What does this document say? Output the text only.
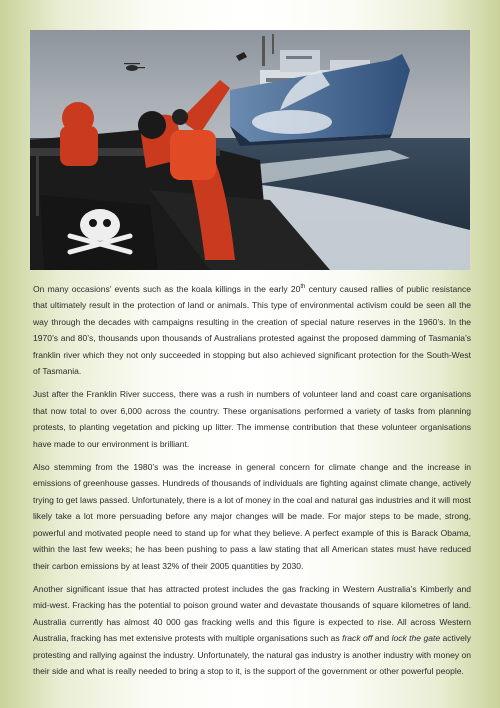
On many occasions’ events such as the koala killings in the early 20th century caused rallies of public resistance that ultimately result in the protection of land or animals. This type of environmental activism could be seen all the way through the decades with campaigns resulting in the creation of special nature reserves in the 1960’s. In the 1970’s and 80’s, thousands upon thousands of Australians protested against the proposed damming of Tasmania’s franklin river which they not only succeeded in stopping but also achieved significant protection for the South-West of Tasmania.

Just after the Franklin River success, there was a rush in numbers of volunteer land and coast care organisations that now total to over 6,000 across the country. These organisations performed a variety of tasks from planning protests, to planting vegetation and picking up litter. The immense contribution that these volunteer organisations have made to our environment is brilliant.

Also stemming from the 1980’s was the increase in general concern for climate change and the increase in emissions of greenhouse gasses. Hundreds of thousands of individuals are fighting against climate change, actively trying to get laws passed. Unfortunately, there is a lot of money in the coal and natural gas industries and it will most likely take a lot more persuading before any major changes will be made. For major steps to be made, strong, powerful and motivated people need to stand up for what they believe. A perfect example of this is Barack Obama, within the last few weeks; he has been pushing to pass a law stating that all American states must have reduced their carbon emissions by at least 32% of their 2005 quantities by 2030.

Another significant issue that has attracted protest includes the gas fracking in Western Australia’s Kimberly and mid-west. Fracking has the potential to poison ground water and devastate thousands of square kilometres of land. Australia currently has almost 40 000 gas fracking wells and this figure is expected to rise. All across Western Australia, fracking has met extensive protests with multiple organisations such as frack off and lock the gate actively protesting and rallying against the industry. Unfortunately, the natural gas industry is another industry with money on their side and what is really needed to bring a stop to it, is the support of the government or other powerful people.
